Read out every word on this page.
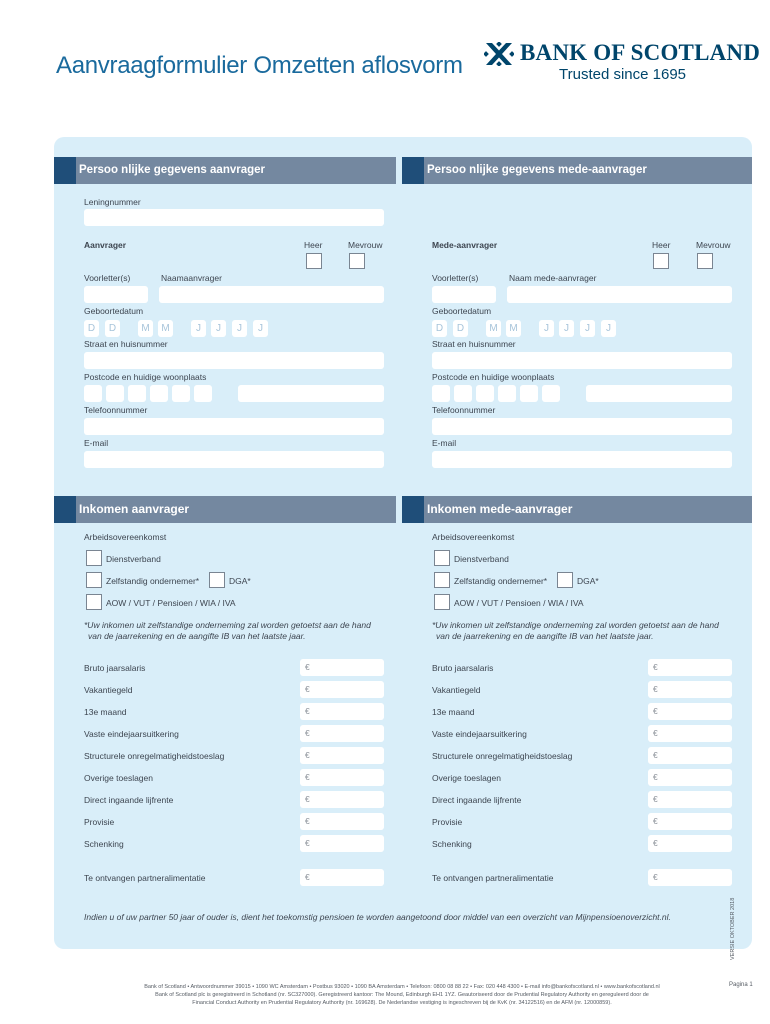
Aanvraagformulier Omzetten aflosvorm BANK OF SCOTLAND
Trusted since 1695
Persoo nlijke gegevens aanvrager	Persoo nlijke gegevens mede-aanvrager
Leningnummer
Aanvrager	Heer	Mevrouw
Voorletter(s)	Naamaanvrager
Geboortedatum
D	D	M	M	J	J	J	J
Straat en huisnummer
Postcode en huidige woonplaats
Telefoonnummer
E-mail
Mede-aanvrager	Heer	Mevrouw
Voorletter(s)	Naam mede-aanvrager
Geboortedatum
D	D	M	M	J	J	J	J
Straat en huisnummer
Postcode en huidige woonplaats
Telefoonnummer
E-mail
Inkomen aanvrager	Inkomen mede-aanvrager
Arbeidsovereenkomst
Dienstverband
Zelfstandig ondernemer*	DGA*
AOW / VUT / Pensioen / WIA / IVA
*Uw inkomen uit zelfstandige onderneming zal worden getoetst aan de hand
van de jaarrekening en de aangifte IB van het laatste jaar.
Arbeidsovereenkomst
Dienstverband
Zelfstandig ondernemer*	DGA*
AOW / VUT / Pensioen / WIA / IVA
*Uw inkomen uit zelfstandige onderneming zal worden getoetst aan de hand
van de jaarrekening en de aangifte IB van het laatste jaar.
Bruto jaarsalaris	€
Vakantiegeld	€
13e maand	€
Vaste eindejaarsuitkering	€
Structurele onregelmatigheidstoeslag	€
Overige toeslagen	€
Direct ingaande lijfrente	€
Provisie	€
Schenking	€
Te ontvangen partneralimentatie	€
Bruto jaarsalaris	€
Vakantiegeld	€
13e maand	€
Vaste eindejaarsuitkering	€
Structurele onregelmatigheidstoeslag	€
Overige toeslagen	€
Direct ingaande lijfrente	€
Provisie	€
Schenking	€
Te ontvangen partneralimentatie	€
Indien u of uw partner 50 jaar of ouder is, dient het toekomstig pensioen te worden aangetoond door middel van een overzicht van Mijnpensioenoverzicht.nl.	VERSIE OKTOBER 2018
Bank of Scotland • Antwoordnummer 39015 • 1090 WC Amsterdam • Postbus 93020 • 1090 BA Amsterdam • Telefoon: 0800 08 88 22 • Fax: 020 448 4300 • E-mail info@bankofscotland.nl • www.bankofscotland.nl
Bank of Scotland plc is geregistreerd in Schotland (nr. SC327000). Geregistreerd kantoor: The Mound, Edinburgh EH1 1YZ. Geautoriseerd door de Prudential Regulatory Authority en gereguleerd door de
Financial Conduct Authority en Prudential Regulatory Authority (nr. 169628). De Nederlandse vestiging is ingeschreven bij de KvK (nr. 34122516) en de AFM (nr. 12000859).
Pagina 1
